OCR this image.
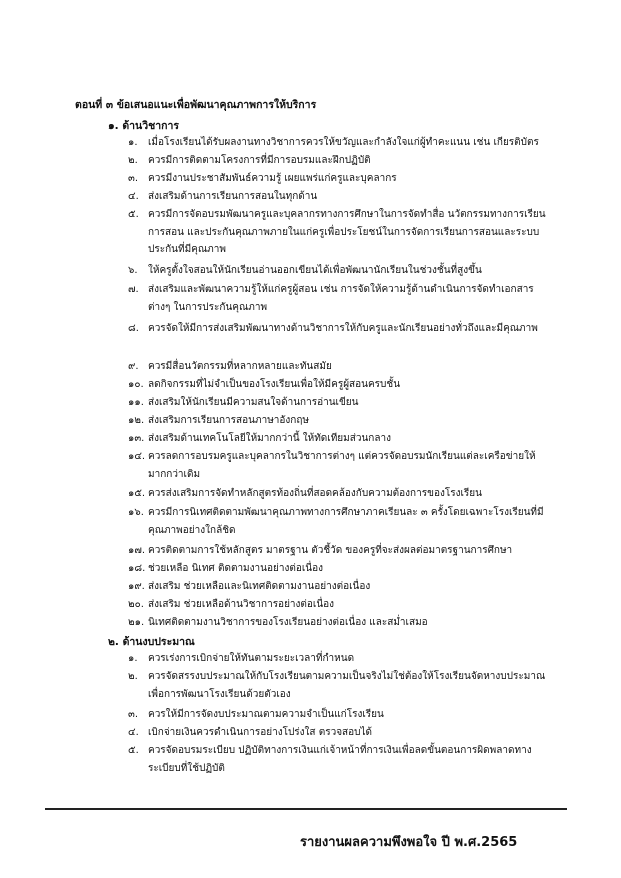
ตอนที่ ๓ ข้อเสนอแนะเพื่อพัฒนาคุณภาพการให้บริการ
๑. ด้านวิชาการ
๑.	เมื่อโรงเรียนได้รับผลงานทางวิชาการควรให้ขวัญและกำลังใจแก่ผู้ทำคะแนน เช่น เกียรติบัตร
๒.	ควรมีการติดตามโครงการที่มีการอบรมและฝึกปฏิบัติ
๓. ควรมีงานประชาสัมพันธ์ความรู้ เผยแพร่แก่ครูและบุคลากร
๔. ส่งเสริมด้านการเรียนการสอนในทุกด้าน
๕. ควรมีการจัดอบรมพัฒนาครูและบุคลากรทางการศึกษาในการจัดทำสื่อ นวัตกรรมทางการเรียนการสอน และประกันคุณภาพภายในแก่ครูเพื่อประโยชน์ในการจัดการเรียนการสอนและระบบประกันที่มีคุณภาพ
๖.	ให้ครูตั้งใจสอนให้นักเรียนอ่านออกเขียนได้เพื่อพัฒนานักเรียนในช่วงชั้นที่สูงขึ้น
๗. ส่งเสริมและพัฒนาความรู้ให้แก่ครูผู้สอน เช่น การจัดให้ความรู้ด้านดำเนินการจัดทำเอกสารต่างๆ ในการประกันคุณภาพ
๘. ควรจัดให้มีการส่งเสริมพัฒนาทางด้านวิชาการให้กับครูและนักเรียนอย่างทั่วถึงและมีคุณภาพ
๙. ควรมีสื่อนวัตกรรมที่หลากหลายและทันสมัย
๑๐. ลดกิจกรรมที่ไม่จำเป็นของโรงเรียนเพื่อให้มีครูผู้สอนครบชั้น
๑๑. ส่งเสริมให้นักเรียนมีความสนใจด้านการอ่านเขียน
๑๒. ส่งเสริมการเรียนการสอนภาษาอังกฤษ
๑๓. ส่งเสริมด้านเทคโนโลยีให้มากกว่านี้ ให้ทัดเทียมส่วนกลาง
๑๔. ควรลดการอบรมครูและบุคลากรในวิชาการต่างๆ แต่ควรจัดอบรมนักเรียนแต่ละเครือข่ายให้มากกว่าเดิม
๑๕. ควรส่งเสริมการจัดทำหลักสูตรท้องถิ่นที่สอดคล้องกับความต้องการของโรงเรียน
๑๖. ควรมีการนิเทศติดตามพัฒนาคุณภาพทางการศึกษาภาคเรียนละ ๓ ครั้งโดยเฉพาะโรงเรียนที่มีคุณภาพอย่างใกล้ชิด
๑๗. ควรติดตามการใช้หลักสูตร มาตรฐาน ตัวชี้วัด ของครูที่จะส่งผลต่อมาตรฐานการศึกษา
๑๘. ช่วยเหลือ นิเทศ ติดตามงานอย่างต่อเนื่อง
๑๙. ส่งเสริม ช่วยเหลือและนิเทศติดตามงานอย่างต่อเนื่อง
๒๐. ส่งเสริม ช่วยเหลือด้านวิชาการอย่างต่อเนื่อง
๒๑. นิเทศติดตามงานวิชาการของโรงเรียนอย่างต่อเนื่อง และสม่ำเสมอ
๒. ด้านงบประมาณ
๑.	ควรเร่งการเบิกจ่ายให้ทันตามระยะเวลาที่กำหนด
๒.	ควรจัดสรรงบประมาณให้กับโรงเรียนตามความเป็นจริงไม่ใช่ต้องให้โรงเรียนจัดหางบประมาณเพื่อการพัฒนาโรงเรียนด้วยตัวเอง
๓. ควรให้มีการจัดงบประมาณตามความจำเป็นแก่โรงเรียน
๔. เบิกจ่ายเงินควรดำเนินการอย่างโปร่งใส ตรวจสอบได้
๕. ควรจัดอบรมระเบียบ ปฏิบัติทางการเงินแก่เจ้าหน้าที่การเงินเพื่อลดขั้นตอนการผิดพลาดทางระเบียบที่ใช้ปฏิบัติ
รายงานผลความพึงพอใจ ปี พ.ศ.2565
